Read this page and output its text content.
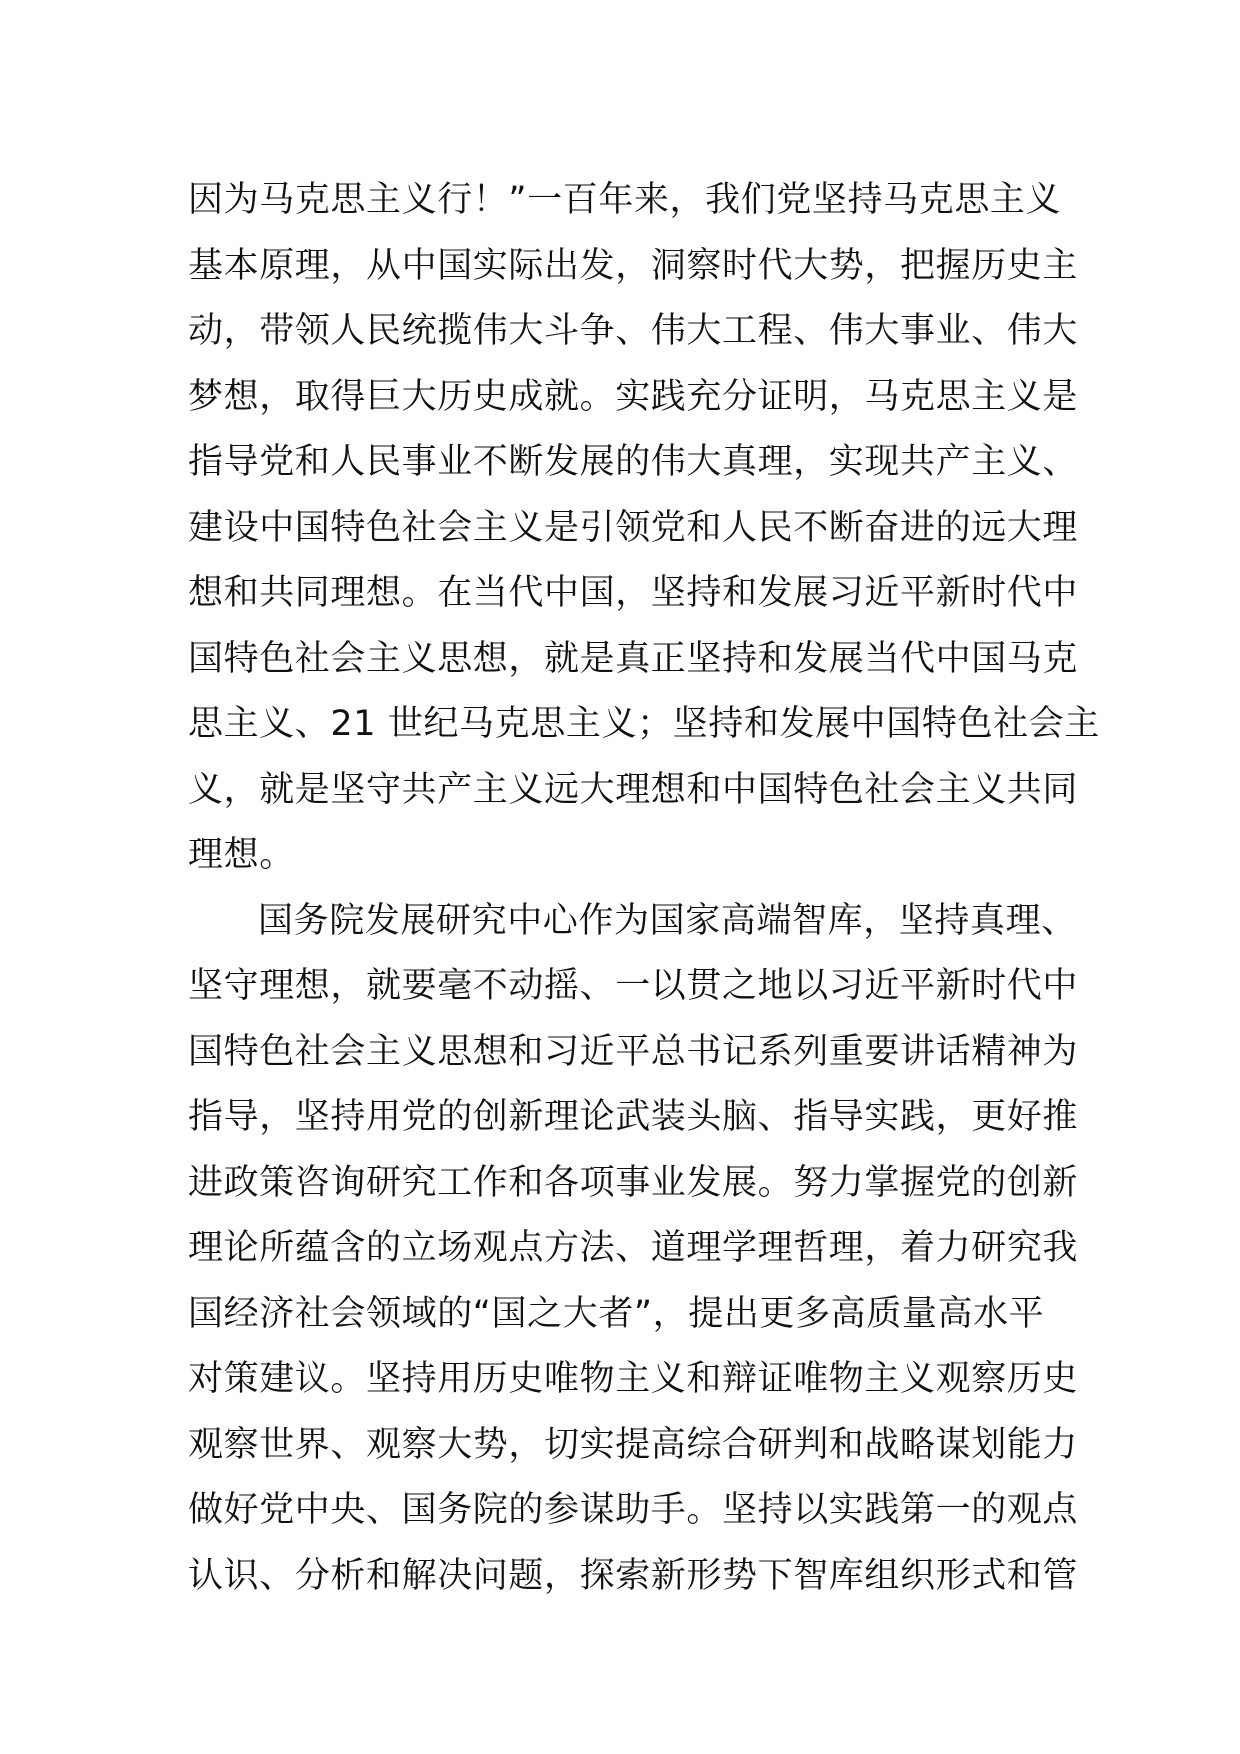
因为马克思主义行！”一百年来，我们党坚持马克思主义
基本原理，从中国实际出发，洞察时代大势，把握历史主
动，带领人民统揽伟大斗争、伟大工程、伟大事业、伟大
梦想，取得巨大历史成就。实践充分证明，马克思主义是
指导党和人民事业不断发展的伟大真理，实现共产主义、
建设中国特色社会主义是引领党和人民不断奋进的远大理
想和共同理想。在当代中国，坚持和发展习近平新时代中
国特色社会主义思想，就是真正坚持和发展当代中国马克
思主义、21 世纪马克思主义；坚持和发展中国特色社会主
义，就是坚守共产主义远大理想和中国特色社会主义共同
理想。
国务院发展研究中心作为国家高端智库，坚持真理、
坚守理想，就要毫不动摇、一以贯之地以习近平新时代中
国特色社会主义思想和习近平总书记系列重要讲话精神为
指导，坚持用党的创新理论武装头脑、指导实践，更好推
进政策咨询研究工作和各项事业发展。努力掌握党的创新
理论所蕴含的立场观点方法、道理学理哲理，着力研究我
国经济社会领域的“国之大者”，提出更多高质量高水平
对策建议。坚持用历史唯物主义和辩证唯物主义观察历史
观察世界、观察大势，切实提高综合研判和战略谋划能力
做好党中央、国务院的参谋助手。坚持以实践第一的观点
认识、分析和解决问题，探索新形势下智库组织形式和管
